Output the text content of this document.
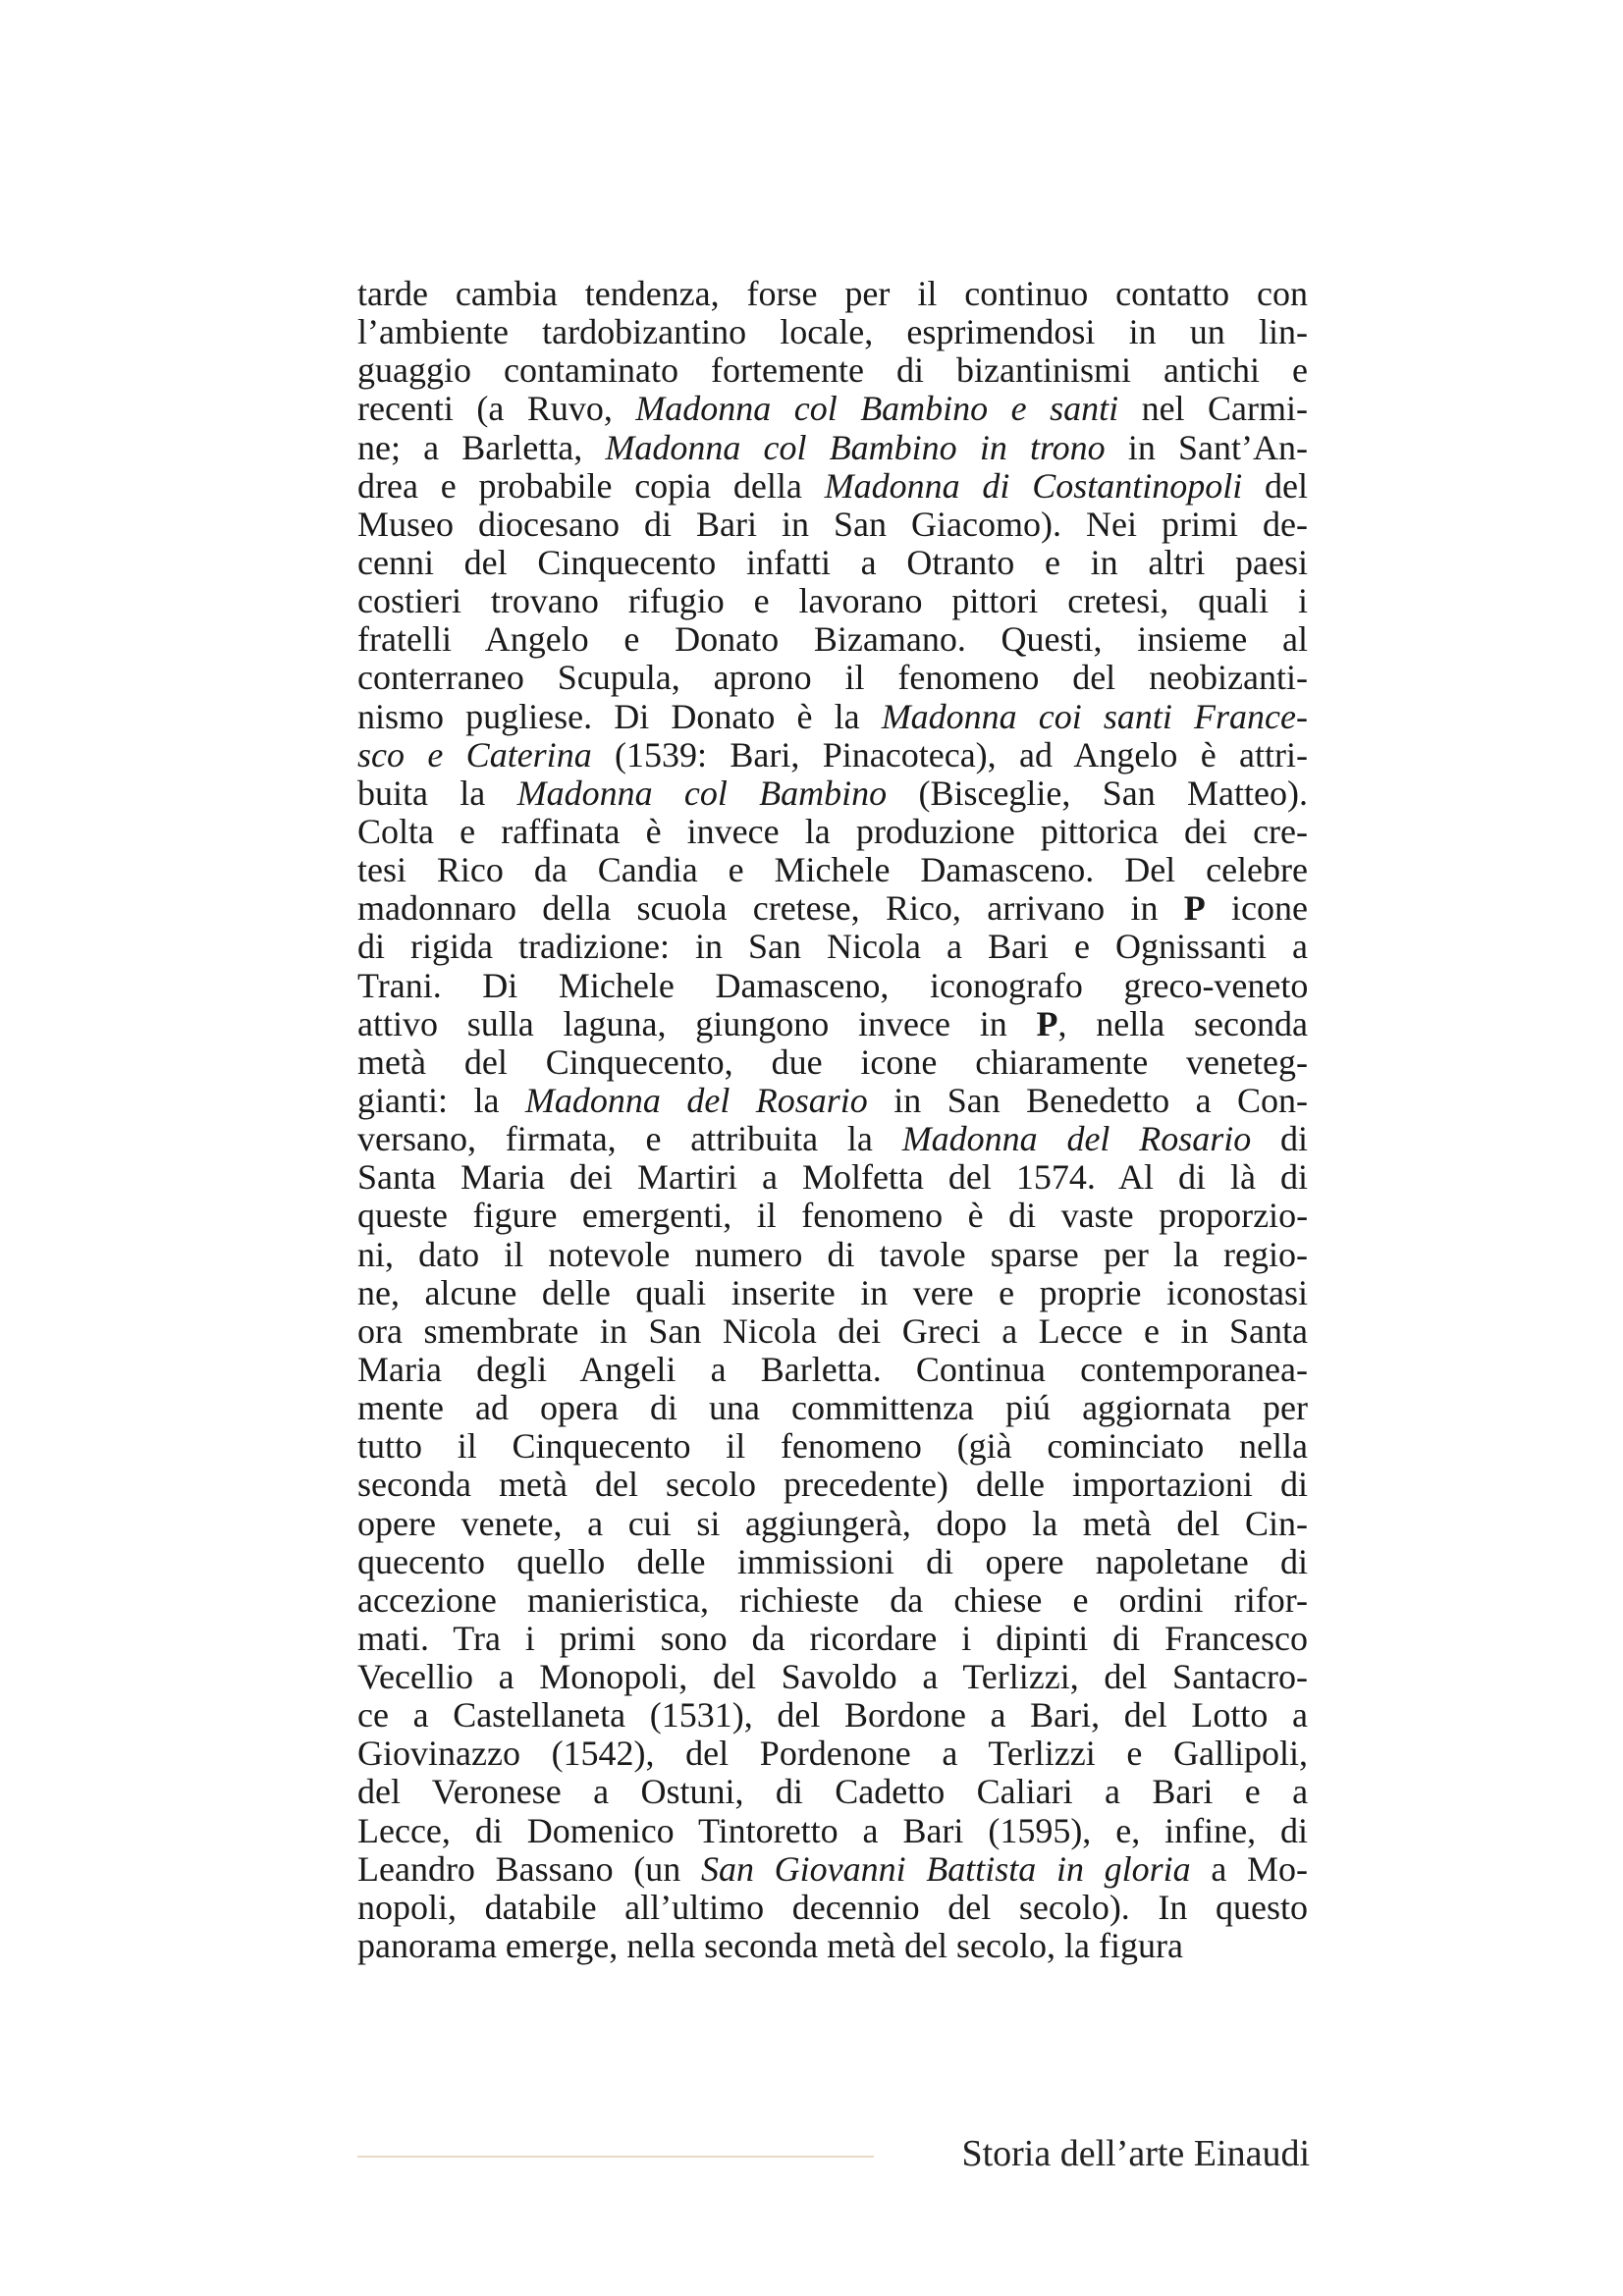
tarde cambia tendenza, forse per il continuo contatto con
l’ambiente tardobizantino locale, esprimendosi in un lin-
guaggio contaminato fortemente di bizantinismi antichi e
recenti (a Ruvo, Madonna col Bambino e santi nel Carmi-
ne; a Barletta, Madonna col Bambino in trono in Sant’An-
drea e probabile copia della Madonna di Costantinopoli del
Museo diocesano di Bari in San Giacomo). Nei primi de-
cenni del Cinquecento infatti a Otranto e in altri paesi
costieri trovano rifugio e lavorano pittori cretesi, quali i
fratelli Angelo e Donato Bizamano. Questi, insieme al
conterraneo Scupula, aprono il fenomeno del neobizanti-
nismo pugliese. Di Donato è la Madonna coi santi France-
sco e Caterina (1539: Bari, Pinacoteca), ad Angelo è attri-
buita la Madonna col Bambino (Bisceglie, San Matteo).
Colta e raffinata è invece la produzione pittorica dei cre-
tesi Rico da Candia e Michele Damasceno. Del celebre
madonnaro della scuola cretese, Rico, arrivano in P icone
di rigida tradizione: in San Nicola a Bari e Ognissanti a
Trani. Di Michele Damasceno, iconografo greco-veneto
attivo sulla laguna, giungono invece in P, nella seconda
metà del Cinquecento, due icone chiaramente veneteg-
gianti: la Madonna del Rosario in San Benedetto a Con-
versano, firmata, e attribuita la Madonna del Rosario di
Santa Maria dei Martiri a Molfetta del 1574. Al di là di
queste figure emergenti, il fenomeno è di vaste proporzio-
ni, dato il notevole numero di tavole sparse per la regio-
ne, alcune delle quali inserite in vere e proprie iconostasi
ora smembrate in San Nicola dei Greci a Lecce e in Santa
Maria degli Angeli a Barletta. Continua contemporanea-
mente ad opera di una committenza piú aggiornata per
tutto il Cinquecento il fenomeno (già cominciato nella
seconda metà del secolo precedente) delle importazioni di
opere venete, a cui si aggiungerà, dopo la metà del Cin-
quecento quello delle immissioni di opere napoletane di
accezione manieristica, richieste da chiese e ordini rifor-
mati. Tra i primi sono da ricordare i dipinti di Francesco
Vecellio a Monopoli, del Savoldo a Terlizzi, del Santacro-
ce a Castellaneta (1531), del Bordone a Bari, del Lotto a
Giovinazzo (1542), del Pordenone a Terlizzi e Gallipoli,
del Veronese a Ostuni, di Cadetto Caliari a Bari e a
Lecce, di Domenico Tintoretto a Bari (1595), e, infine, di
Leandro Bassano (un San Giovanni Battista in gloria a Mo-
nopoli, databile all’ultimo decennio del secolo). In questo
panorama emerge, nella seconda metà del secolo, la figura
Storia dell’arte Einaudi
